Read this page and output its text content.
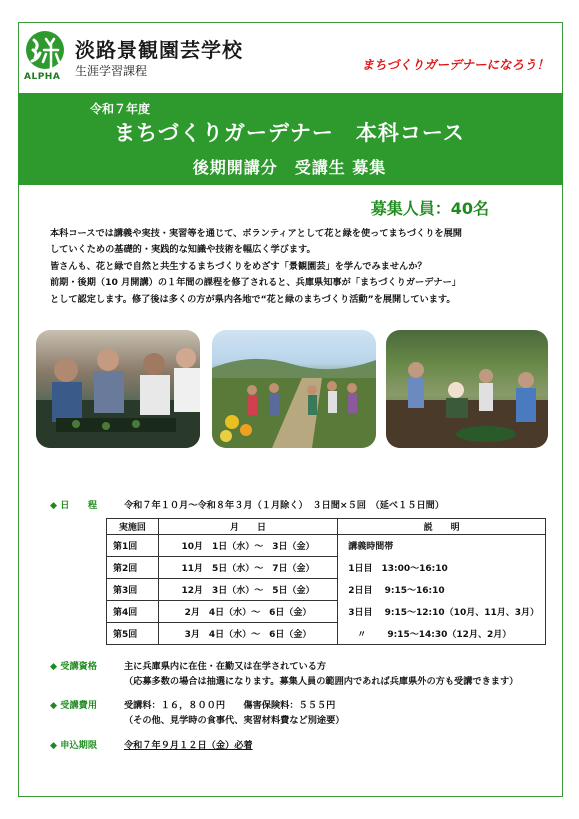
ALPHA
淡路景観園芸学校
生涯学習課程	まちづくりガーデナーになろう！
令和７年度
まちづくりガーデナー　本科コース
後期開講分　受講生 募集
募集人員：40名
本科コースでは講義や実技・実習等を通じて、ボランティアとして花と緑を使ってまちづくりを展開
していくための基礎的・実践的な知識や技術を幅広く学びます。
皆さんも、花と緑で自然と共生するまちづくりをめざす「景観園芸」を学んでみませんか？
前期・後期（10 月開講）の１年間の課程を修了されると、兵庫県知事が「まちづくりガーデナー」
として認定します。修了後は多くの方が県内各地で“花と緑のまちづくり活動”を展開しています。
◆ 日　　程	令和７年１０月～令和８年３月（１月除く）　３日間×５回　（延べ１５日間）
実施回	月　　日	説　　明
第1回	10月　1日（水）～　3日（金）	講義時間帯
第2回	11月　5日（水）～　7日（金）	1日目　13:00～16:10
第3回	12月　3日（水）～　5日（金）	2日目　 9:15～16:10
第4回	2月　4日（水）～　6日（金）	3日目　 9:15～12:10（10月、11月、3月）
第5回	3月　4日（水）～　6日（金）	　〃　　 9:15～14:30（12月、2月）
◆ 受講資格	主に兵庫県内に在住・在勤又は在学されている方
（応募多数の場合は抽選になります。募集人員の範囲内であれば兵庫県外の方も受講できます）
◆ 受講費用	受講料：１６，８００円　　傷害保険料：５５５円
（その他、見学時の食事代、実習材料費など別途要）
◆ 申込期限	令和７年９月１２日（金）必着
